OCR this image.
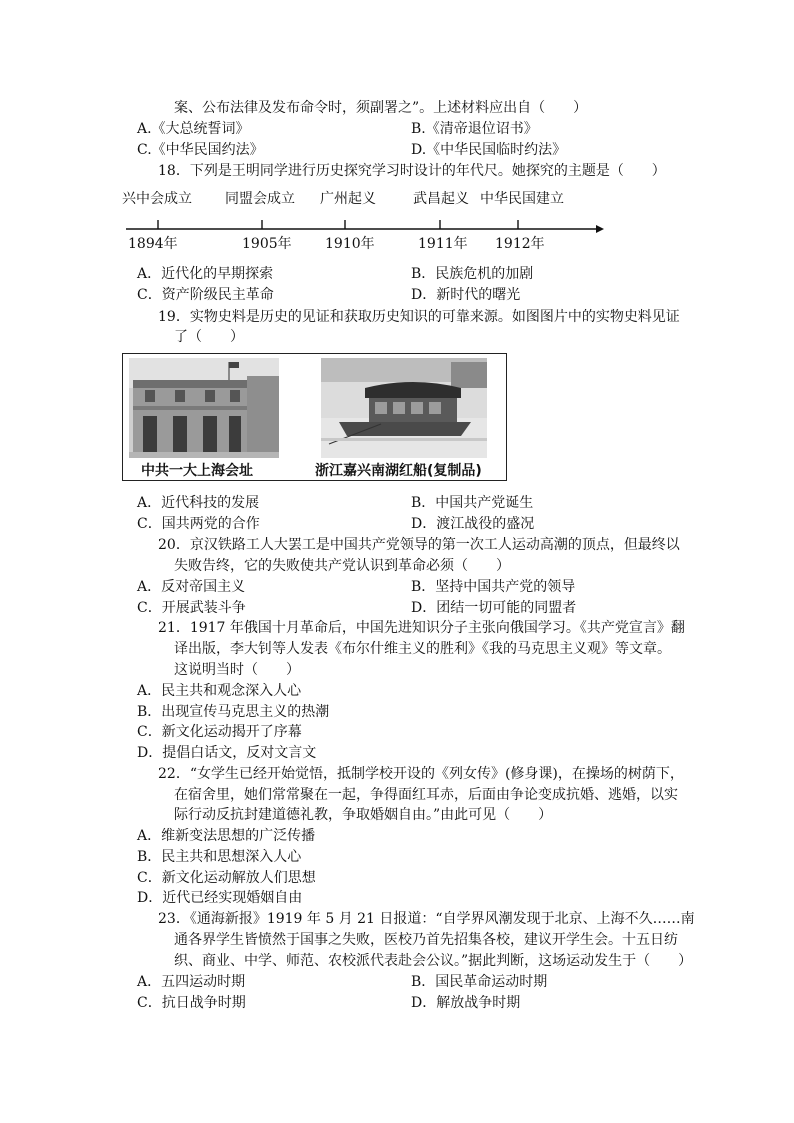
案、公布法律及发布命令时，须副署之”。上述材料应出自（　　）
A.《大总统誓词》	B.《清帝退位诏书》
C.《中华民国约法》	D.《中华民国临时约法》
18．下列是王明同学进行历史探究学习时设计的年代尺。她探究的主题是（　　）
兴中会成立 同盟会成立 广州起义	武昌起义 中华民国建立
1894年	1905年 1910年	1911年 1912年
A．近代化的早期探索	B．民族危机的加剧
C．资产阶级民主革命	D．新时代的曙光
19．实物史料是历史的见证和获取历史知识的可靠来源。如图图片中的实物史料见证
了（　　）
中共一大上海会址	浙江嘉兴南湖红船(复制品)
A．近代科技的发展	B．中国共产党诞生
C．国共两党的合作	D．渡江战役的盛况
20．京汉铁路工人大罢工是中国共产党领导的第一次工人运动高潮的顶点，但最终以
失败告终，它的失败使共产党认识到革命必须（　　）
A．反对帝国主义	B．坚持中国共产党的领导
C．开展武装斗争	D．团结一切可能的同盟者
21．1917 年俄国十月革命后，中国先进知识分子主张向俄国学习。《共产党宣言》翻
译出版，李大钊等人发表《布尔什维主义的胜利》《我的马克思主义观》等文章。
这说明当时（　　）
A．民主共和观念深入人心
B．出现宣传马克思主义的热潮
C．新文化运动揭开了序幕
D．提倡白话文，反对文言文
22．“女学生已经开始觉悟，抵制学校开设的《列女传》(修身课)，在操场的树荫下，
在宿舍里，她们常常聚在一起，争得面红耳赤，后面由争论变成抗婚、逃婚，以实
际行动反抗封建道德礼教，争取婚姻自由。”由此可见（　　）
A．维新变法思想的广泛传播
B．民主共和思想深入人心
C．新文化运动解放人们思想
D．近代已经实现婚姻自由
23．《通海新报》1919 年 5 月 21 日报道：“自学界风潮发现于北京、上海不久……南
通各界学生皆愤然于国事之失败，医校乃首先招集各校，建议开学生会。十五日纺
织、商业、中学、师范、农校派代表赴会公议。”据此判断，这场运动发生于（　　）
A．五四运动时期	B．国民革命运动时期
C．抗日战争时期	D．解放战争时期
